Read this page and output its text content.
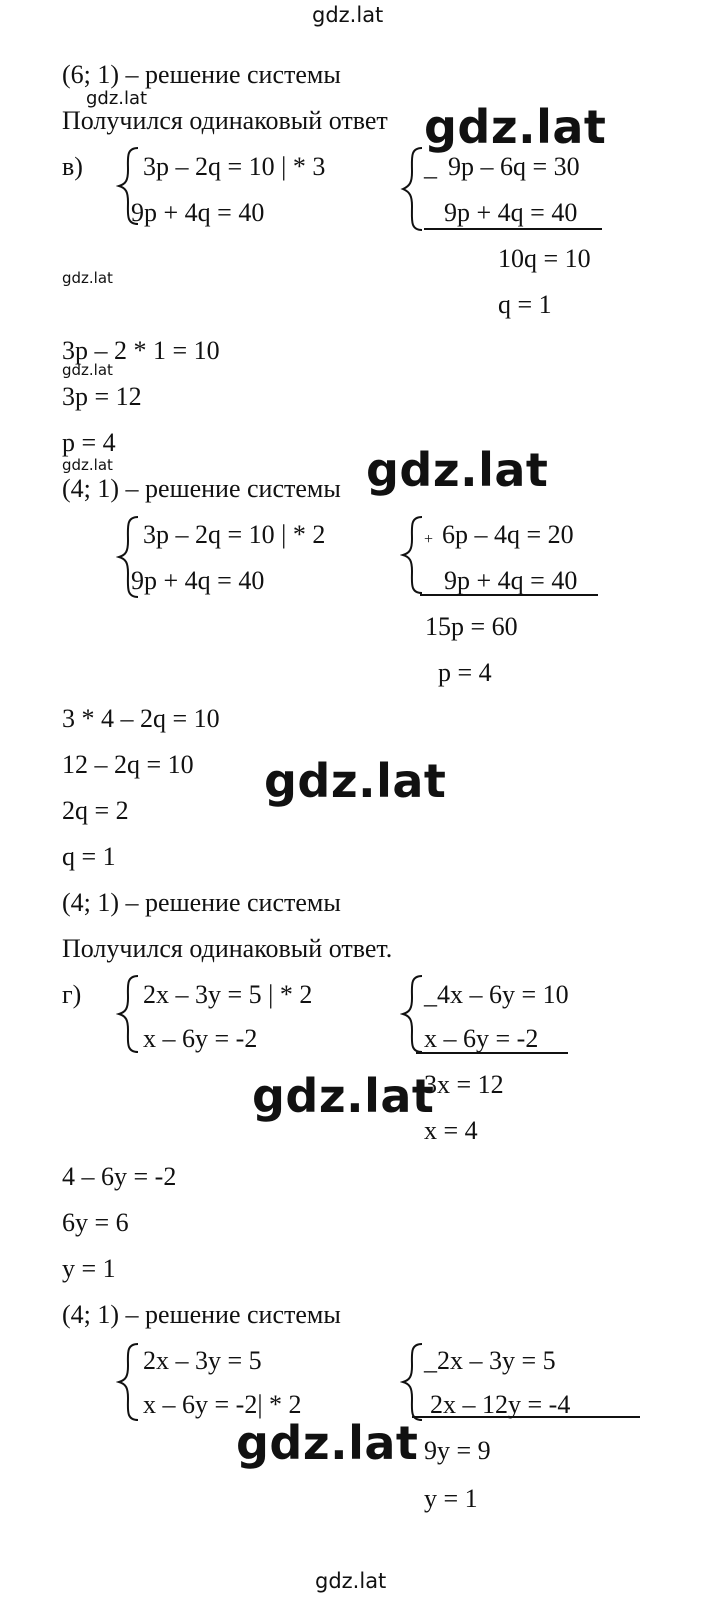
gdz.lat
gdz.lat
gdz.lat
gdz.lat
gdz.lat
gdz.lat	gdz.lat
gdz.lat
gdz.lat
gdz.lat
gdz.lat
(6; 1) – решение системы
Получился одинаковый ответ
в) 3p – 2q = 10 | * 3
9p + 4q = 40
_ 9p – 6q = 30
9p + 4q = 40
10q = 10
q = 1
3p – 2 * 1 = 10
3p = 12
p = 4
(4; 1) – решение системы
3p – 2q = 10 | * 2
9p + 4q = 40
+ 6p – 4q = 20
9p + 4q = 40
15p = 60
p = 4
3 * 4 – 2q = 10
12 – 2q = 10
2q = 2
q = 1
(4; 1) – решение системы
Получился одинаковый ответ.
г) 2x – 3y = 5 | * 2
x – 6y = -2
_4x – 6y = 10
x – 6y = -2
3x = 12
x = 4
4 – 6y = -2
6y = 6
y = 1
(4; 1) – решение системы
2x – 3y = 5
x – 6y = -2| * 2
_2x – 3y = 5
2x – 12y = -4
9y = 9
y = 1
